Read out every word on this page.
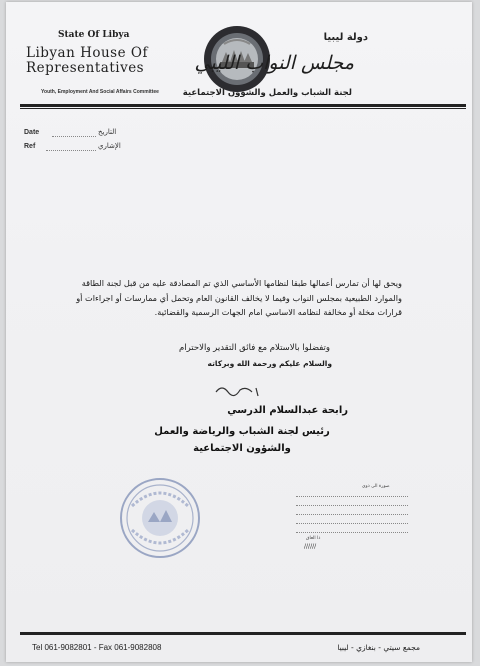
State Of Libya
Libyan House Of Representatives
Youth, Employment And Social Affairs Committee
دولة ليبيا
مجلس النواب الليبي
لجنة الشباب والعمل والشؤون الاجتماعية
Date	التاريخ
Ref	الإشاري
ويحق لها أن تمارس أعمالها طبقا لنظامها الأساسي الذي تم المصادقة عليه من قبل لجنة الطاقة والموارد الطبيعية بمجلس النواب وفيما لا يخالف القانون العام وتحمل أي ممارسات أو اجراءات أو قرارات مخلة أو مخالفة لنظامه الاساسي امام الجهات الرسمية والقضائية.
وتفضلوا بالاستلام مع فائق التقدير والاحترام
والسلام عليكم ورحمة الله وبركاته
رابحة عبدالسلام الدرسي
رئيس لجنة الشباب والرياضة والعمل والشؤون الاجتماعية
صورة الى ذوي
ذا العاق
//////
Tel 061-9082801 - Fax 061-9082808	مجمع سيتي - بنغازي - ليبيا
